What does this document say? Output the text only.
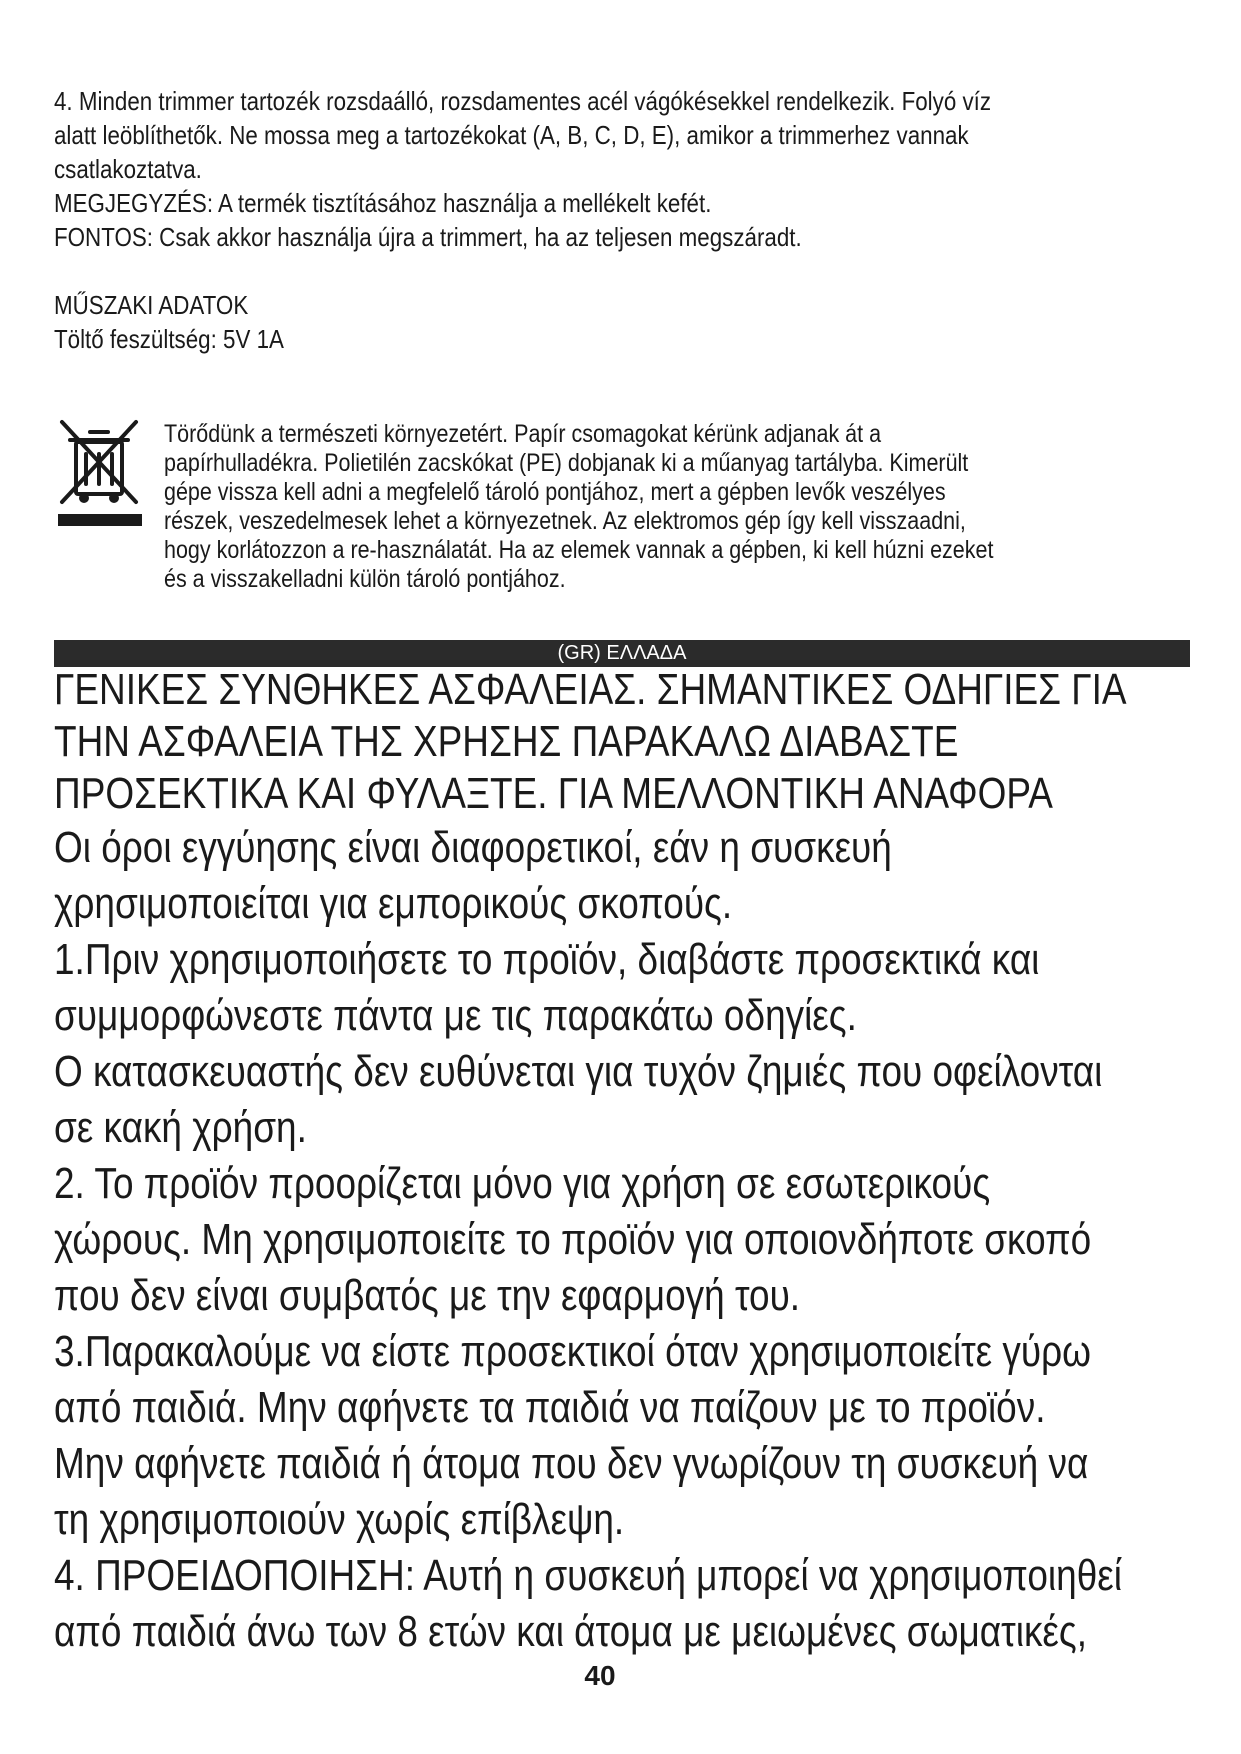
4. Minden trimmer tartozék rozsdaálló, rozsdamentes acél vágókésekkel rendelkezik. Folyó víz

alatt leöblíthetők. Ne mossa meg a tartozékokat (A, B, C, D, E), amikor a trimmerhez vannak

csatlakoztatva.

MEGJEGYZÉS: A termék tisztításához használja a mellékelt kefét.

FONTOS: Csak akkor használja újra a trimmert, ha az teljesen megszáradt.

MŰSZAKI ADATOK

Töltő feszültség: 5V 1A

Törődünk a természeti környezetért. Papír csomagokat kérünk adjanak át a

papírhulladékra. Polietilén zacskókat (PE) dobjanak ki a műanyag tartályba. Kimerült

gépe vissza kell adni a megfelelő tároló pontjához, mert a gépben levők veszélyes

részek, veszedelmesek lehet a környezetnek. Az elektromos gép így kell visszaadni,

hogy korlátozzon a re-használatát. Ha az elemek vannak a gépben, ki kell húzni ezeket

és a visszakelladni külön tároló pontjához.

(GR) ΕΛΛΑΔΑ

ΓΕΝΙΚΕΣ ΣΥΝΘΗΚΕΣ ΑΣΦΑΛΕΙΑΣ. ΣΗΜΑΝΤΙΚΕΣ ΟΔΗΓΙΕΣ ΓΙΑ

ΤΗΝ ΑΣΦΑΛΕΙΑ ΤΗΣ ΧΡΗΣΗΣ ΠΑΡΑΚΑΛΩ ΔΙΑΒΑΣΤΕ

ΠΡΟΣΕΚΤΙΚΑ ΚΑΙ ΦΥΛΑΞΤΕ. ΓΙΑ ΜΕΛΛΟΝΤΙΚΗ ΑΝΑΦΟΡΑ

Οι όροι εγγύησης είναι διαφορετικοί, εάν η συσκευή

χρησιμοποιείται για εμπορικούς σκοπούς.

1.Πριν χρησιμοποιήσετε το προϊόν, διαβάστε προσεκτικά και

συμμορφώνεστε πάντα με τις παρακάτω οδηγίες.

Ο κατασκευαστής δεν ευθύνεται για τυχόν ζημιές που οφείλονται

σε κακή χρήση.

2. Το προϊόν προορίζεται μόνο για χρήση σε εσωτερικούς

χώρους. Μη χρησιμοποιείτε το προϊόν για οποιονδήποτε σκοπό

που δεν είναι συμβατός με την εφαρμογή του.

3.Παρακαλούμε να είστε προσεκτικοί όταν χρησιμοποιείτε γύρω

από παιδιά. Μην αφήνετε τα παιδιά να παίζουν με το προϊόν.

Μην αφήνετε παιδιά ή άτομα που δεν γνωρίζουν τη συσκευή να

τη χρησιμοποιούν χωρίς επίβλεψη.

4. ΠΡΟΕΙΔΟΠΟΙΗΣΗ: Αυτή η συσκευή μπορεί να χρησιμοποιηθεί

από παιδιά άνω των 8 ετών και άτομα με μειωμένες σωματικές,

40
